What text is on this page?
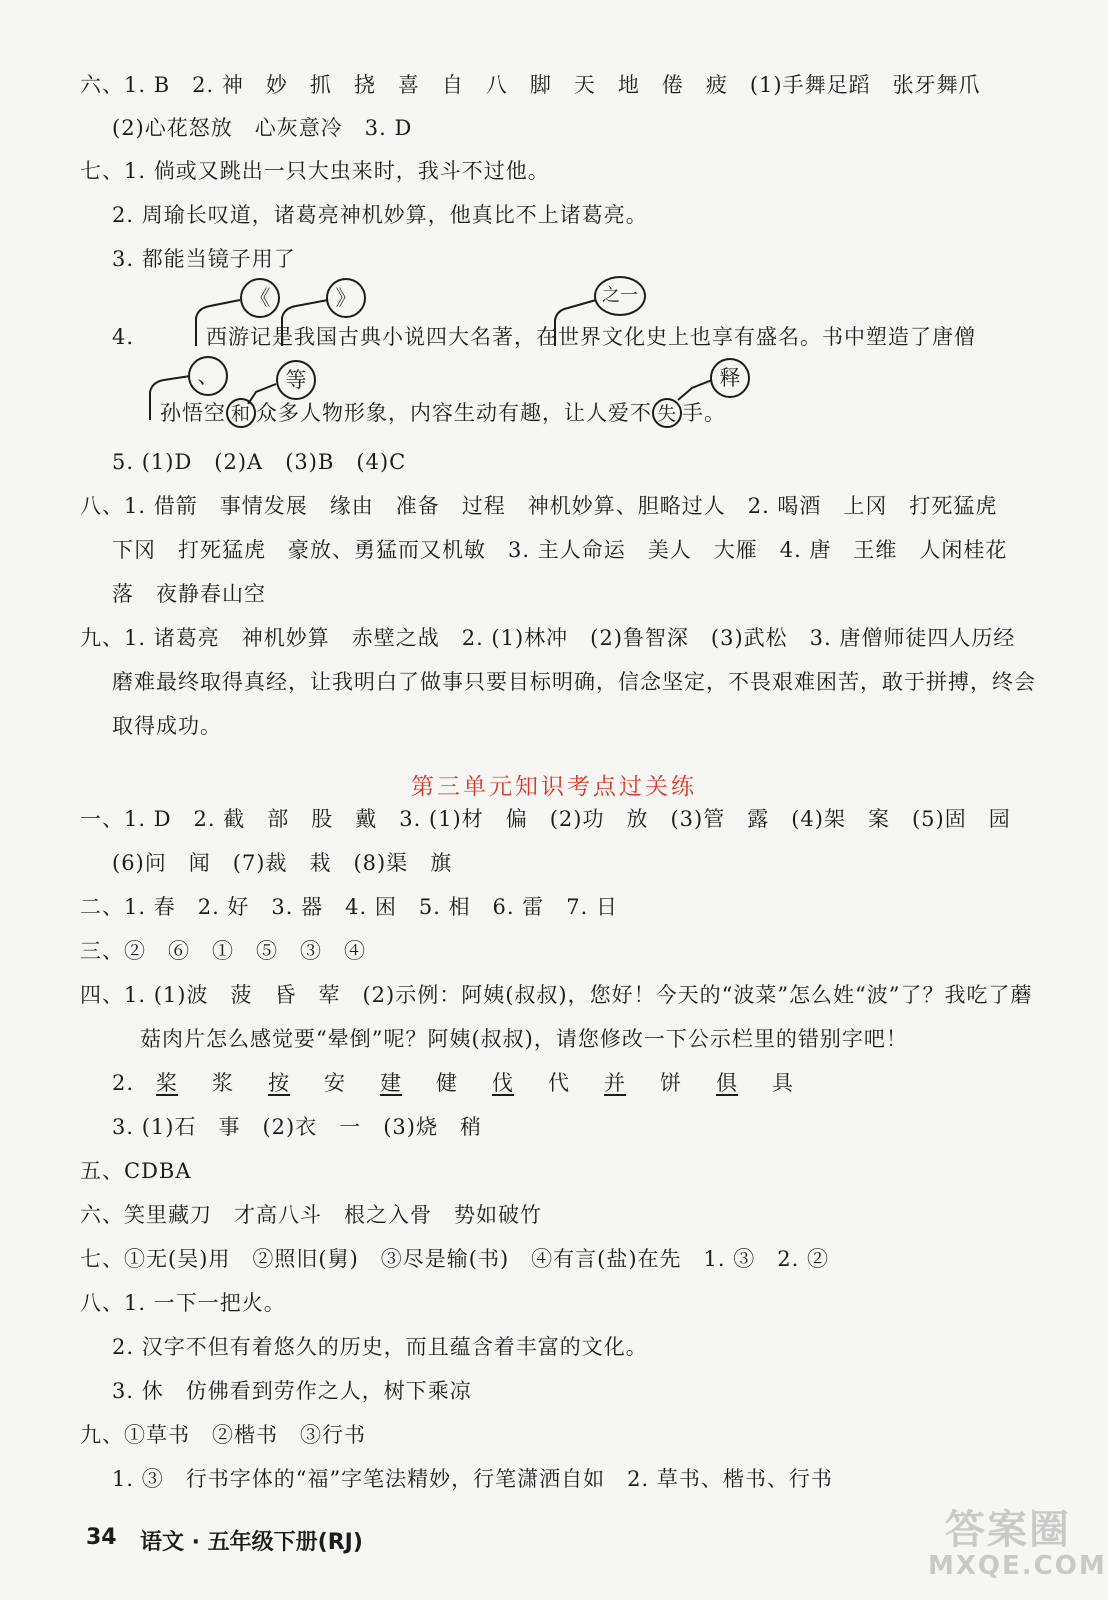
六、1. B　2. 神　妙　抓　挠　喜　自　八　脚　天　地　倦　疲　(1)手舞足蹈　张牙舞爪
(2)心花怒放　心灰意冷　3. D
七、1. 倘或又跳出一只大虫来时，我斗不过他。
2. 周瑜长叹道，诸葛亮神机妙算，他真比不上诸葛亮。
3. 都能当镜子用了
4.	西游记是我国古典小说四大名著，在世界文化史上也享有盛名。书中塑造了唐僧
《	》	之一
、	等	释
孙悟空 和 众多人物形象，内容生动有趣，让人爱不 失 手。
5. (1)D　(2)A　(3)B　(4)C
八、1. 借箭　事情发展　缘由　准备　过程　神机妙算、胆略过人　2. 喝酒　上冈　打死猛虎
下冈　打死猛虎　豪放、勇猛而又机敏　3. 主人命运　美人　大雁　4. 唐　王维　人闲桂花
落　夜静春山空
九、1. 诸葛亮　神机妙算　赤壁之战　2. (1)林冲　(2)鲁智深　(3)武松　3. 唐僧师徒四人历经
磨难最终取得真经，让我明白了做事只要目标明确，信念坚定，不畏艰难困苦，敢于拼搏，终会
取得成功。
第三单元知识考点过关练
一、1. D　2. 截　部　股　戴　3. (1)材　偏　(2)功　放　(3)管　露　(4)架　案　(5)固　园
(6)问　闻　(7)裁　栽　(8)渠　旗
二、1. 春　2. 好　3. 器　4. 困　5. 相　6. 雷　7. 日
三、②　⑥　①　⑤　③　④
四、1. (1)波　菠　昏　荤　(2)示例：阿姨(叔叔)，您好！今天的“波菜”怎么姓“波”了？我吃了蘑
菇肉片怎么感觉要“晕倒”呢？阿姨(叔叔)，请您修改一下公示栏里的错别字吧！
2. 桨 浆 按 安 建 健 伐 代 并 饼 俱 具
3. (1)石　事　(2)衣　一　(3)烧　稍
五、CDBA
六、笑里藏刀　才高八斗　根之入骨　势如破竹
七、①无(吴)用　②照旧(舅)　③尽是输(书)　④有言(盐)在先　1. ③　2. ②
八、1. 一下一把火。
2. 汉字不但有着悠久的历史，而且蕴含着丰富的文化。
3. 休　仿佛看到劳作之人，树下乘凉
九、①草书　②楷书　③行书
1. ③　行书字体的“福”字笔法精妙，行笔潇洒自如　2. 草书、楷书、行书
34 语文 · 五年级下册(RJ)	答案圈
MXQE.COM
